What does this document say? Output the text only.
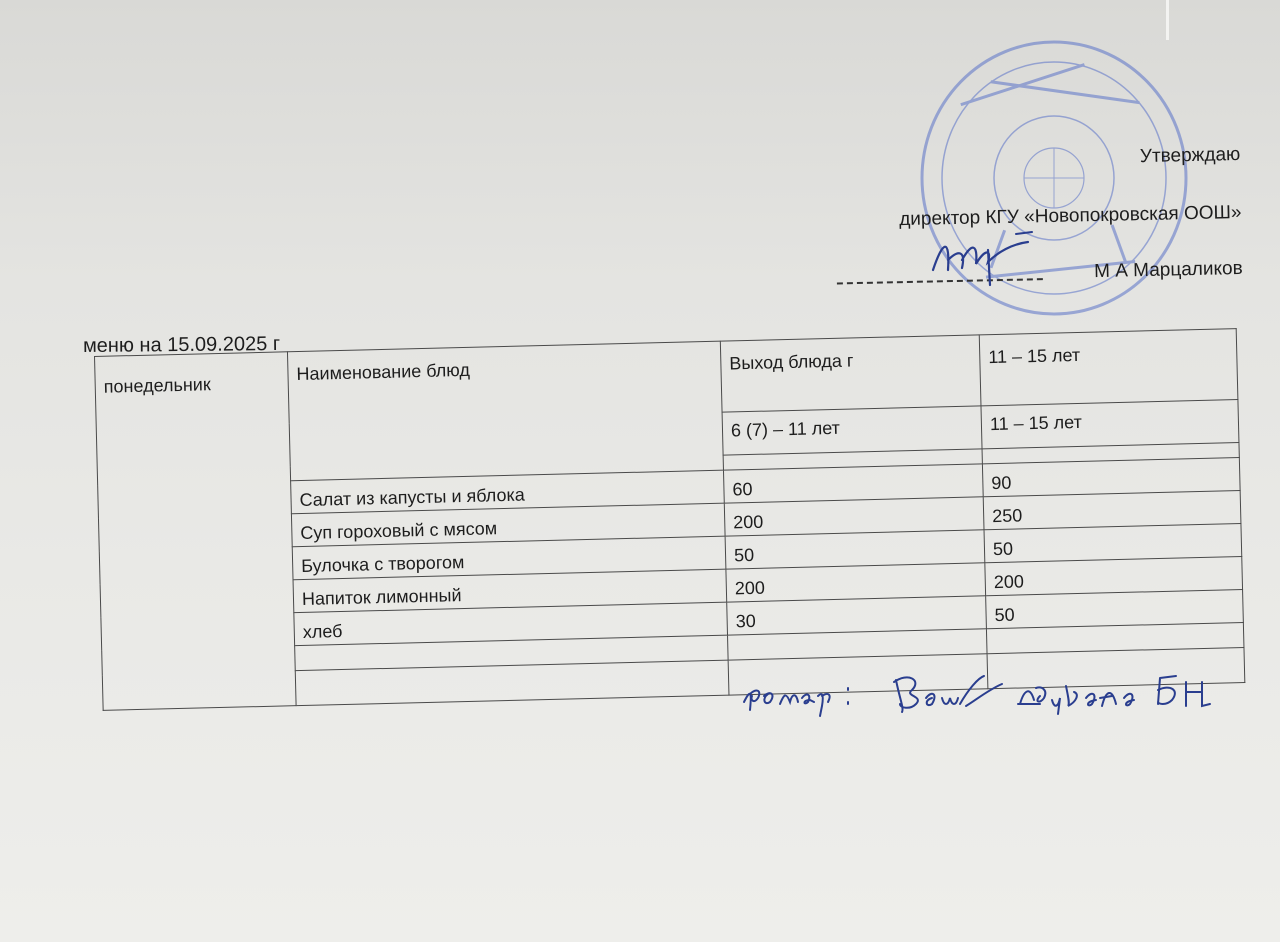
Утверждаю
директор КГУ «Новопокровская ООШ»
М А Марцаликов
меню на 15.09.2025 г
понедельник	Наименование блюд	Выход блюда г	11 – 15 лет
		6 (7) – 11 лет	11 – 15 лет

	Салат из капусты и яблока	60	90
	Суп гороховый с мясом	200	250
	Булочка с творогом	50	50
	Напиток лимонный	200	200
	хлеб	30	50
